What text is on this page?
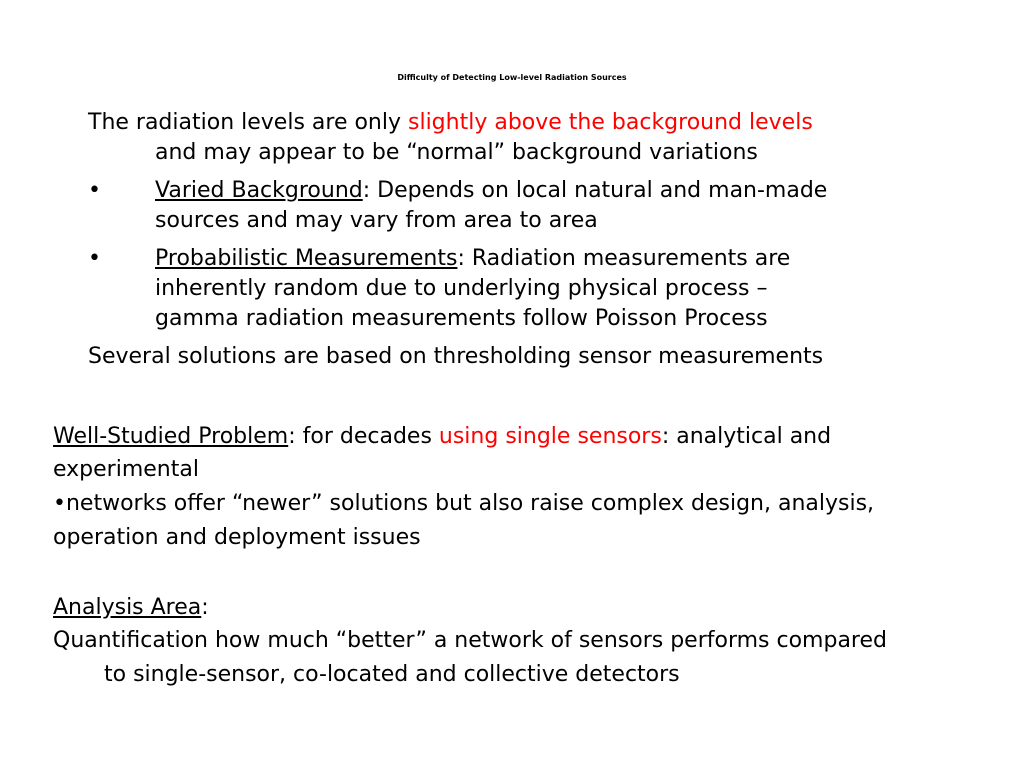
Difficulty of Detecting Low-level Radiation Sources
The radiation levels are only slightly above the background levels
and may appear to be “normal” background variations
• Varied Background: Depends on local natural and man-made
sources and may vary from area to area
• Probabilistic Measurements: Radiation measurements are
inherently random due to underlying physical process –
gamma radiation measurements follow Poisson Process
Several solutions are based on thresholding sensor measurements
Well-Studied Problem: for decades using single sensors: analytical and
experimental
•networks offer “newer” solutions but also raise complex design, analysis,
operation and deployment issues
Analysis Area:
Quantification how much “better” a network of sensors performs compared
to single-sensor, co-located and collective detectors
